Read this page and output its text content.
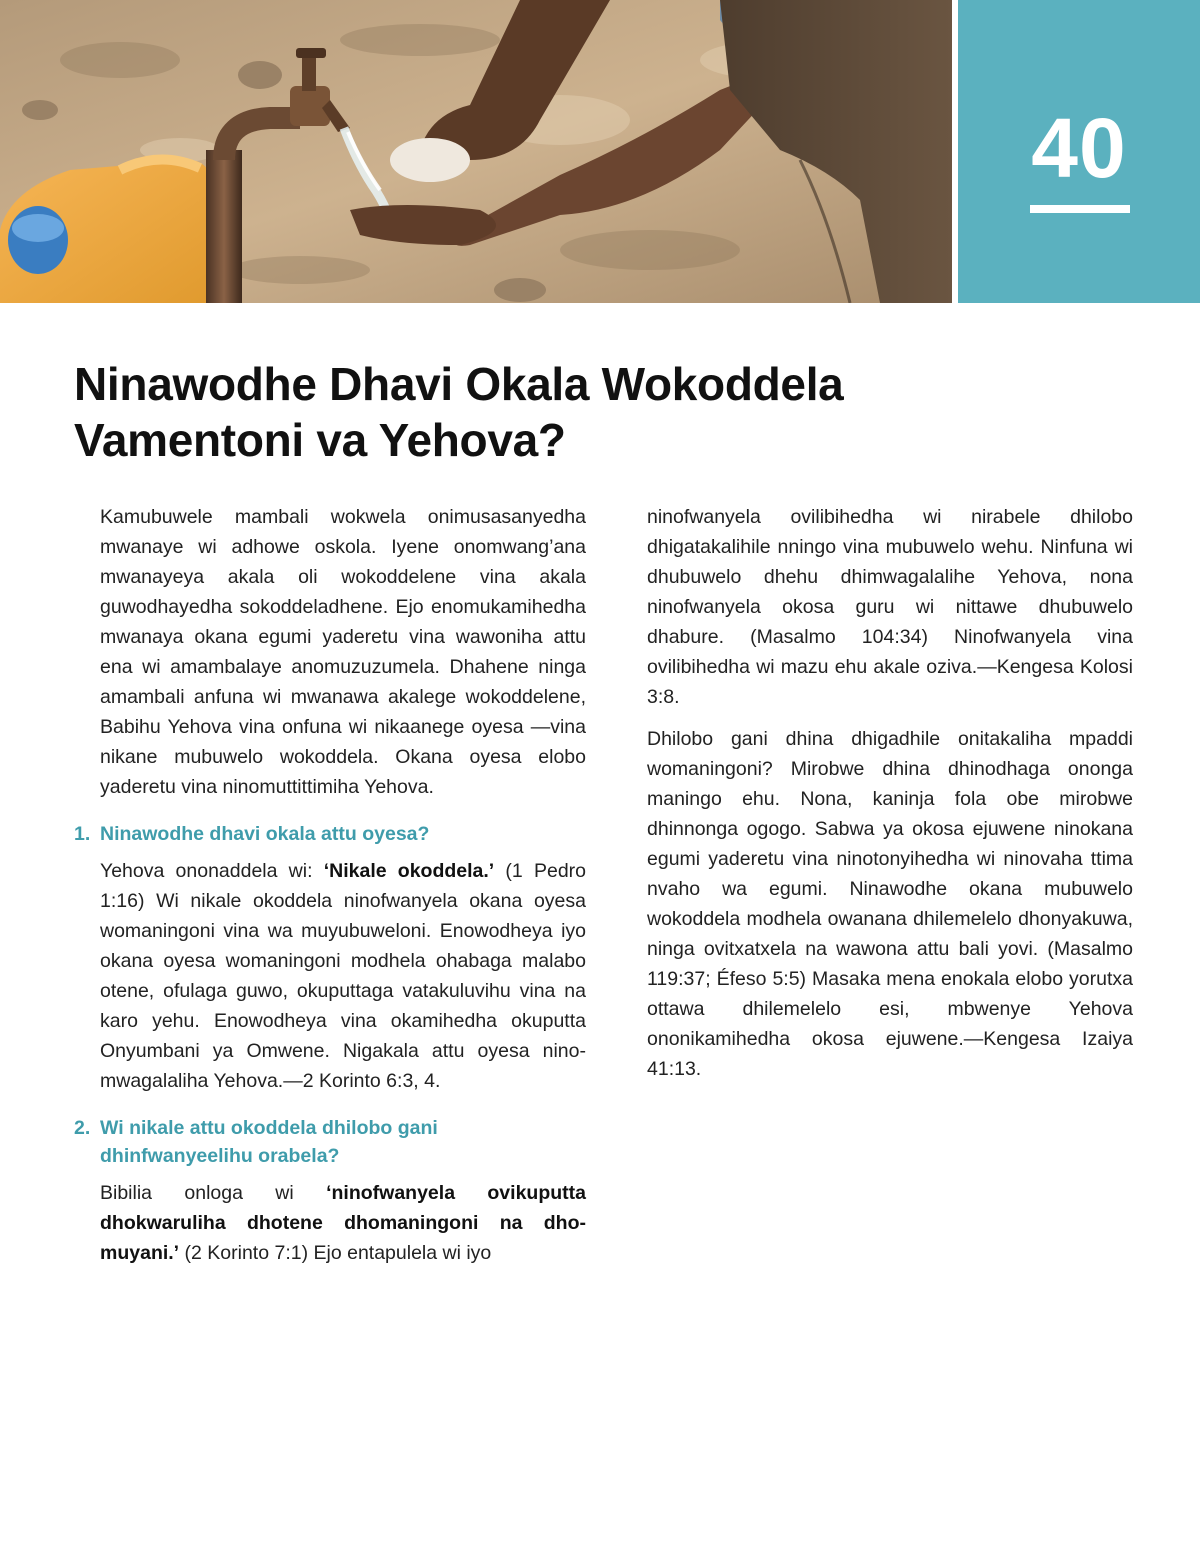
40
Ninawodhe Dhavi Okala Wokoddela Vamentoni va Yehova?

Kamubuwele mambali wokwela onimusasanyedha mwanaye wi adhowe oskola. Iyene onomwang’ana mwanayeya akala oli wokoddelene vina akala guwodhayedha sokoddeladhene. Ejo enomukamihedha mwanaya okana egumi yaderetu vina wawoniha attu ena wi amambalaye anomuzuzumela. Dhahene ninga amambali anfuna wi mwanawa akalege wokoddelene, Babihu Yehova vina onfuna wi nikaanege oyesa —vina nikane mubuwelo wokoddela. Okana oyesa elobo yaderetu vina ninomuttittimiha Yehova.

1. Ninawodhe dhavi okala attu oyesa?

Yehova ononaddela wi: ‘Nikale okoddela.’ (1 Pedro 1:16) Wi nikale okoddela ninofwanyela okana oyesa womaningoni vina wa muyubuweloni. Enowodheya iyo okana oyesa womaningoni modhela ohabaga malabo otene, ofulaga guwo, okuputtaga vatakuluvihu vina na karo yehu. Enowodheya vina okamihedha okuputta Onyumbani ya Omwene. Nigakala attu oyesa ninomwagalaliha Yehova.—2 Korinto 6:3, 4.

2. Wi nikale attu okoddela dhilobo gani dhinfwanyeelihu orabela?

Bibilia onloga wi ‘ninofwanyela ovikuputta dhokwaruliha dhotene dhomaningoni na dhomuyani.’ (2 Korinto 7:1) Ejo entapulela wi iyo

ninofwanyela ovilibihedha wi nirabele dhilobo dhigatakalihile nningo vina mubuwelo wehu. Ninfuna wi dhubuwelo dhehu dhimwagalalihe Yehova, nona ninofwanyela okosa guru wi nittawe dhubuwelo dhabure. (Masalmo 104:34) Ninofwanyela vina ovilibihedha wi mazu ehu akale oziva.—Kengesa Kolosi 3:8.

Dhilobo gani dhina dhigadhile onitakaliha mpaddi womaningoni? Mirobwe dhina dhinodhaga ononga maningo ehu. Nona, kaninja fola obe mirobwe dhinnonga ogogo. Sabwa ya okosa ejuwene ninokana egumi yaderetu vina ninotonyihedha wi ninovaha ttima nvaho wa egumi. Ninawodhe okana mubuwelo wokoddela modhela owanana dhilemelelo dhonyakuwa, ninga ovitxatxela na wawona attu bali yovi. (Masalmo 119:37; Éfeso 5:5) Masaka mena enokala elobo yorutxa ottawa dhilemelelo esi, mbwenye Yehova ononikamihedha okosa ejuwene.—Kengesa Izaiya 41:13.
